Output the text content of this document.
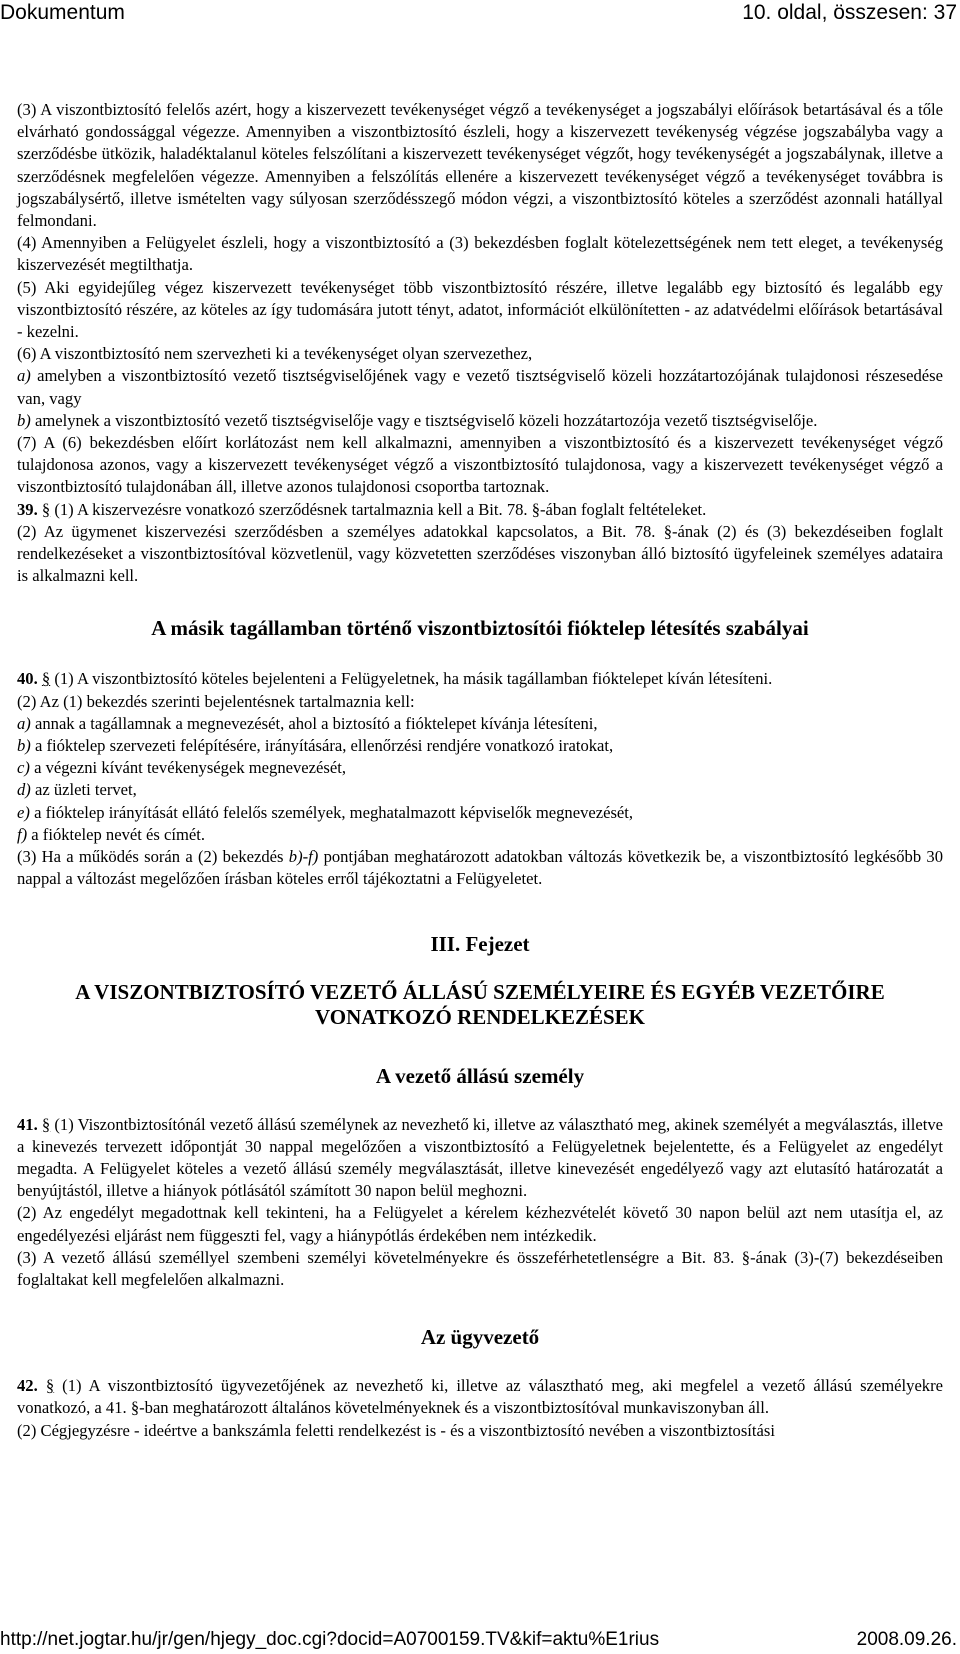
Dokumentum	10. oldal, összesen: 37

(3) A viszontbiztosító felelős azért, hogy a kiszervezett tevékenységet végző a tevékenységet a jogszabályi előírások betartásával és a tőle elvárható gondossággal végezze. Amennyiben a viszontbiztosító észleli, hogy a kiszervezett tevékenység végzése jogszabályba vagy a szerződésbe ütközik, haladéktalanul köteles felszólítani a kiszervezett tevékenységet végzőt, hogy tevékenységét a jogszabálynak, illetve a szerződésnek megfelelően végezze. Amennyiben a felszólítás ellenére a kiszervezett tevékenységet végző a tevékenységet továbbra is jogszabálysértő, illetve ismételten vagy súlyosan szerződésszegő módon végzi, a viszontbiztosító köteles a szerződést azonnali hatállyal felmondani.

(4) Amennyiben a Felügyelet észleli, hogy a viszontbiztosító a (3) bekezdésben foglalt kötelezettségének nem tett eleget, a tevékenység kiszervezését megtilthatja.

(5) Aki egyidejűleg végez kiszervezett tevékenységet több viszontbiztosító részére, illetve legalább egy biztosító és legalább egy viszontbiztosító részére, az köteles az így tudomására jutott tényt, adatot, információt elkülönítetten - az adatvédelmi előírások betartásával - kezelni.

(6) A viszontbiztosító nem szervezheti ki a tevékenységet olyan szervezethez,

a) amelyben a viszontbiztosító vezető tisztségviselőjének vagy e vezető tisztségviselő közeli hozzátartozójának tulajdonosi részesedése van, vagy

b) amelynek a viszontbiztosító vezető tisztségviselője vagy e tisztségviselő közeli hozzátartozója vezető tisztségviselője.

(7) A (6) bekezdésben előírt korlátozást nem kell alkalmazni, amennyiben a viszontbiztosító és a kiszervezett tevékenységet végző tulajdonosa azonos, vagy a kiszervezett tevékenységet végző a viszontbiztosító tulajdonosa, vagy a kiszervezett tevékenységet végző a viszontbiztosító tulajdonában áll, illetve azonos tulajdonosi csoportba tartoznak.

39. § (1) A kiszervezésre vonatkozó szerződésnek tartalmaznia kell a Bit. 78. §-ában foglalt feltételeket.

(2) Az ügymenet kiszervezési szerződésben a személyes adatokkal kapcsolatos, a Bit. 78. §-ának (2) és (3) bekezdéseiben foglalt rendelkezéseket a viszontbiztosítóval közvetlenül, vagy közvetetten szerződéses viszonyban álló biztosító ügyfeleinek személyes adataira is alkalmazni kell.

A másik tagállamban történő viszontbiztosítói fióktelep létesítés szabályai

40. § (1) A viszontbiztosító köteles bejelenteni a Felügyeletnek, ha másik tagállamban fióktelepet kíván létesíteni.

(2) Az (1) bekezdés szerinti bejelentésnek tartalmaznia kell:

a) annak a tagállamnak a megnevezését, ahol a biztosító a fióktelepet kívánja létesíteni,

b) a fióktelep szervezeti felépítésére, irányítására, ellenőrzési rendjére vonatkozó iratokat,

c) a végezni kívánt tevékenységek megnevezését,

d) az üzleti tervet,

e) a fióktelep irányítását ellátó felelős személyek, meghatalmazott képviselők megnevezését,

f) a fióktelep nevét és címét.

(3) Ha a működés során a (2) bekezdés b)-f) pontjában meghatározott adatokban változás következik be, a viszontbiztosító legkésőbb 30 nappal a változást megelőzően írásban köteles erről tájékoztatni a Felügyeletet.

III. Fejezet

A VISZONTBIZTOSÍTÓ VEZETŐ ÁLLÁSÚ SZEMÉLYEIRE ÉS EGYÉB VEZETŐIRE
VONATKOZÓ RENDELKEZÉSEK

A vezető állású személy

41. § (1) Viszontbiztosítónál vezető állású személynek az nevezhető ki, illetve az választható meg, akinek személyét a megválasztás, illetve a kinevezés tervezett időpontját 30 nappal megelőzően a viszontbiztosító a Felügyeletnek bejelentette, és a Felügyelet az engedélyt megadta. A Felügyelet köteles a vezető állású személy megválasztását, illetve kinevezését engedélyező vagy azt elutasító határozatát a benyújtástól, illetve a hiányok pótlásától számított 30 napon belül meghozni.

(2) Az engedélyt megadottnak kell tekinteni, ha a Felügyelet a kérelem kézhezvételét követő 30 napon belül azt nem utasítja el, az engedélyezési eljárást nem függeszti fel, vagy a hiánypótlás érdekében nem intézkedik.

(3) A vezető állású személlyel szembeni személyi követelményekre és összeférhetetlenségre a Bit. 83. §-ának (3)-(7) bekezdéseiben foglaltakat kell megfelelően alkalmazni.

Az ügyvezető

42. § (1) A viszontbiztosító ügyvezetőjének az nevezhető ki, illetve az választható meg, aki megfelel a vezető állású személyekre vonatkozó, a 41. §-ban meghatározott általános követelményeknek és a viszontbiztosítóval munkaviszonyban áll.

(2) Cégjegyzésre - ideértve a bankszámla feletti rendelkezést is - és a viszontbiztosító nevében a viszontbiztosítási

http://net.jogtar.hu/jr/gen/hjegy_doc.cgi?docid=A0700159.TV&kif=aktu%E1rius	2008.09.26.
